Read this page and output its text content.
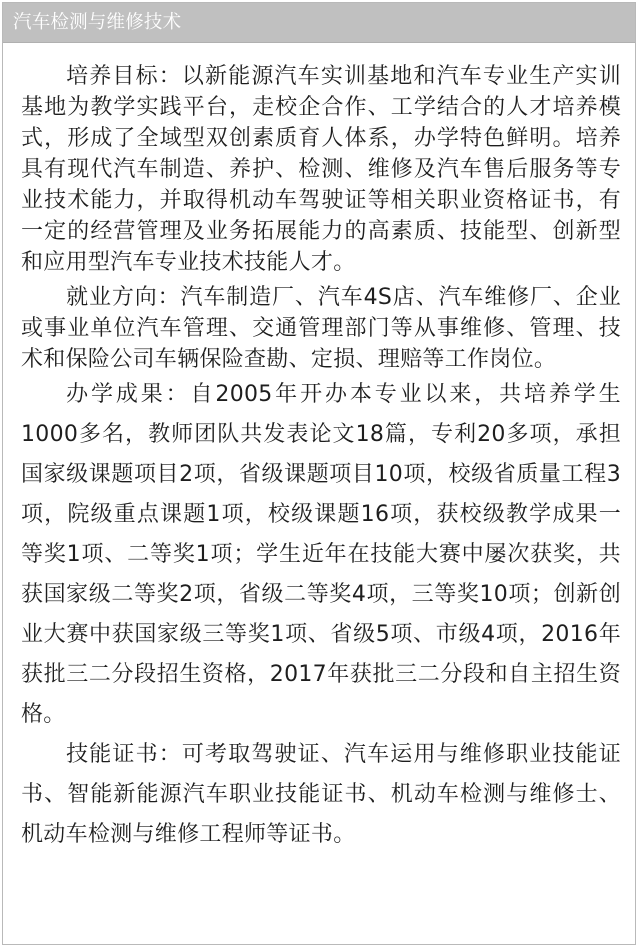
汽车检测与维修技术

培养目标：以新能源汽车实训基地和汽车专业生产实训基地为教学实践平台，走校企合作、工学结合的人才培养模式，形成了全域型双创素质育人体系，办学特色鲜明。培养具有现代汽车制造、养护、检测、维修及汽车售后服务等专业技术能力，并取得机动车驾驶证等相关职业资格证书，有一定的经营管理及业务拓展能力的高素质、技能型、创新型和应用型汽车专业技术技能人才。

就业方向：汽车制造厂、汽车4S店、汽车维修厂、企业或事业单位汽车管理、交通管理部门等从事维修、管理、技术和保险公司车辆保险查勘、定损、理赔等工作岗位。

办学成果：自2005年开办本专业以来，共培养学生1000多名，教师团队共发表论文18篇，专利20多项，承担国家级课题项目2项，省级课题项目10项，校级省质量工程3项，院级重点课题1项，校级课题16项，获校级教学成果一等奖1项、二等奖1项；学生近年在技能大赛中屡次获奖，共获国家级二等奖2项，省级二等奖4项，三等奖10项；创新创业大赛中获国家级三等奖1项、省级5项、市级4项，2016年获批三二分段招生资格，2017年获批三二分段和自主招生资格。

技能证书：可考取驾驶证、汽车运用与维修职业技能证书、智能新能源汽车职业技能证书、机动车检测与维修士、机动车检测与维修工程师等证书。
